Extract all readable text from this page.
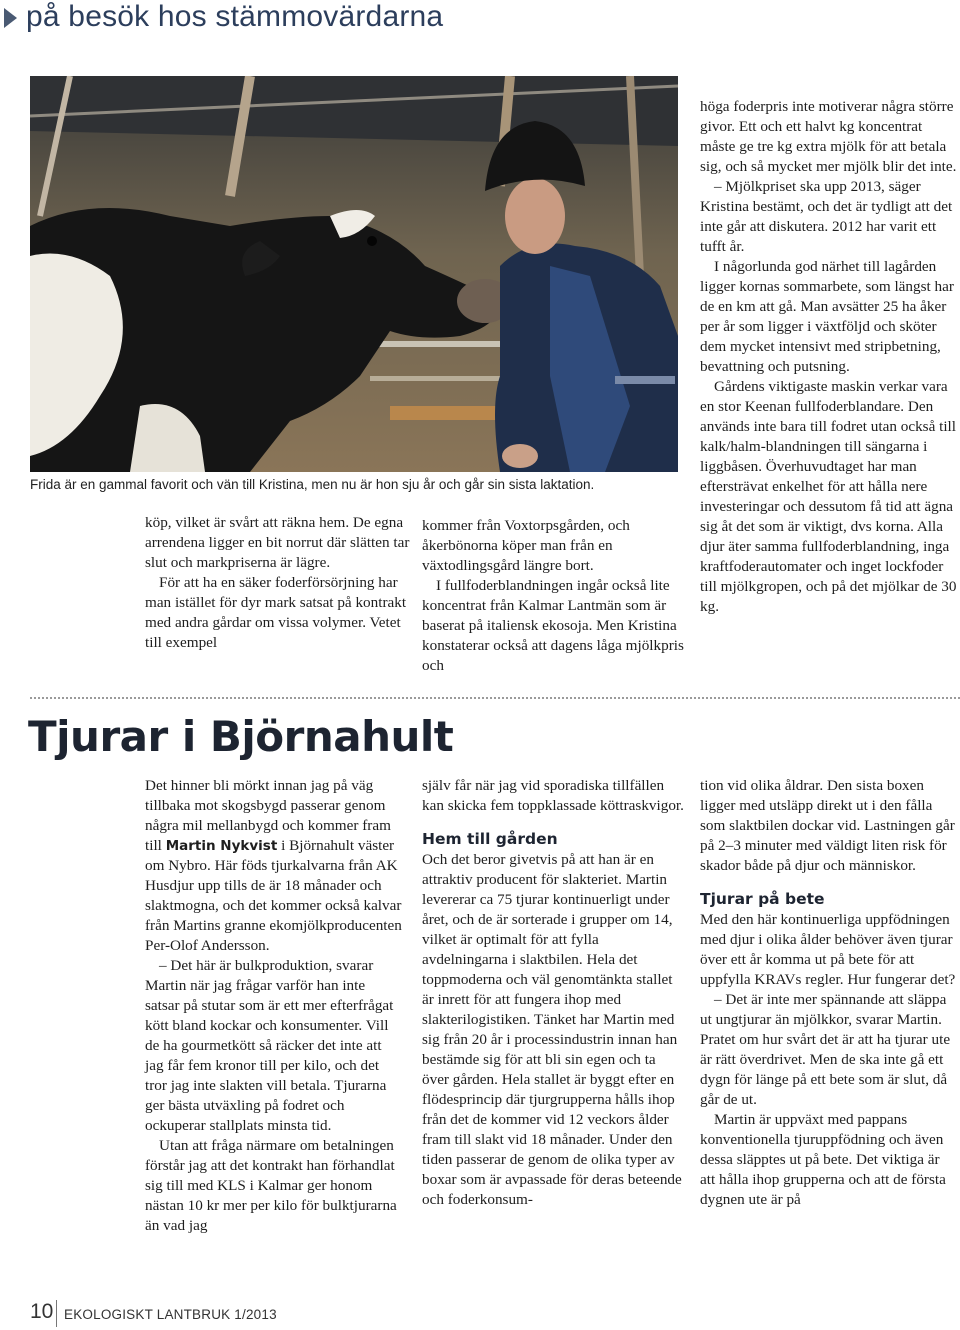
på besök hos stämmovärdarna
Frida är en gammal favorit och vän till Kristina, men nu är hon sju år och går sin sista laktation.

köp, vilket är svårt att räkna hem. De egna arrendena ligger en bit norrut där slätten tar slut och markpriserna är lägre.

För att ha en säker foderförsörjning har man istället för dyr mark satsat på kontrakt med andra gårdar om vissa volymer. Vetet till exempel

kommer från Voxtorpsgården, och åkerbönorna köper man från en växtodlingsgård längre bort.

I fullfoderblandningen ingår också lite koncentrat från Kalmar Lantmän som är baserat på italiensk ekosoja. Men Kristina konstaterar också att dagens låga mjölkpris och

höga foderpris inte motiverar några större givor. Ett och ett halvt kg koncentrat måste ge tre kg extra mjölk för att betala sig, och så mycket mer mjölk blir det inte.

– Mjölkpriset ska upp 2013, säger Kristina bestämt, och det är tydligt att det inte går att diskutera. 2012 har varit ett tufft år.

I någorlunda god närhet till lagården ligger kornas sommarbete, som längst har de en km att gå. Man avsätter 25 ha åker per år som ligger i växtföljd och sköter dem mycket intensivt med stripbetning, bevattning och putsning.

Gårdens viktigaste maskin verkar vara en stor Keenan fullfoderblandare. Den används inte bara till fodret utan också till kalk/halm-blandningen till sängarna i liggbåsen. Överhuvudtaget har man eftersträvat enkelhet för att hålla nere investeringar och dessutom få tid att ägna sig åt det som är viktigt, dvs korna. Alla djur äter samma fullfoderblandning, inga kraftfoderautomater och inget lockfoder till mjölkgropen, och på det mjölkar de 30 kg.

Tjurar i Björnahult

Det hinner bli mörkt innan jag på väg tillbaka mot skogsbygd passerar genom några mil mellanbygd och kommer fram till Martin Nykvist i Björnahult väster om Nybro. Här föds tjurkalvarna från AK Husdjur upp tills de är 18 månader och slaktmogna, och det kommer också kalvar från Martins granne ekomjölkproducenten Per-Olof Andersson.

– Det här är bulkproduktion, svarar Martin när jag frågar varför han inte satsar på stutar som är ett mer efterfrågat kött bland kockar och konsumenter. Vill de ha gourmetkött så räcker det inte att jag får fem kronor till per kilo, och det tror jag inte slakten vill betala. Tjurarna ger bästa utväxling på fodret och ockuperar stallplats minsta tid.

Utan att fråga närmare om betalningen förstår jag att det kontrakt han förhandlat sig till med KLS i Kalmar ger honom nästan 10 kr mer per kilo för bulktjurarna än vad jag

själv får när jag vid sporadiska tillfällen kan skicka fem toppklassade köttraskvigor.

Hem till gården

Och det beror givetvis på att han är en attraktiv producent för slakteriet. Martin levererar ca 75 tjurar kontinuerligt under året, och de är sorterade i grupper om 14, vilket är optimalt för att fylla avdelningarna i slaktbilen. Hela det toppmoderna och väl genomtänkta stallet är inrett för att fungera ihop med slakterilogistiken. Tänket har Martin med sig från 20 år i processindustrin innan han bestämde sig för att bli sin egen och ta över gården. Hela stallet är byggt efter en flödesprincip där tjurgrupperna hålls ihop från det de kommer vid 12 veckors ålder fram till slakt vid 18 månader. Under den tiden passerar de genom de olika typer av boxar som är avpassade för deras beteende och foderkonsum-

tion vid olika åldrar. Den sista boxen ligger med utsläpp direkt ut i den fålla som slaktbilen dockar vid. Lastningen går på 2–3 minuter med väldigt liten risk för skador både på djur och människor.

Tjurar på bete

Med den här kontinuerliga uppfödningen med djur i olika ålder behöver även tjurar över ett år komma ut på bete för att uppfylla KRAVs regler. Hur fungerar det?

– Det är inte mer spännande att släppa ut ungtjurar än mjölkkor, svarar Martin. Pratet om hur svårt det är att ha tjurar ute är rätt överdrivet. Men de ska inte gå ett dygn för länge på ett bete som är slut, då går de ut.

Martin är uppväxt med pappans konventionella tjuruppfödning och även dessa släpptes ut på bete. Det viktiga är att hålla ihop grupperna och att de första dygnen ute är på

10 EKOLOGISKT LANTBRUK 1/2013
